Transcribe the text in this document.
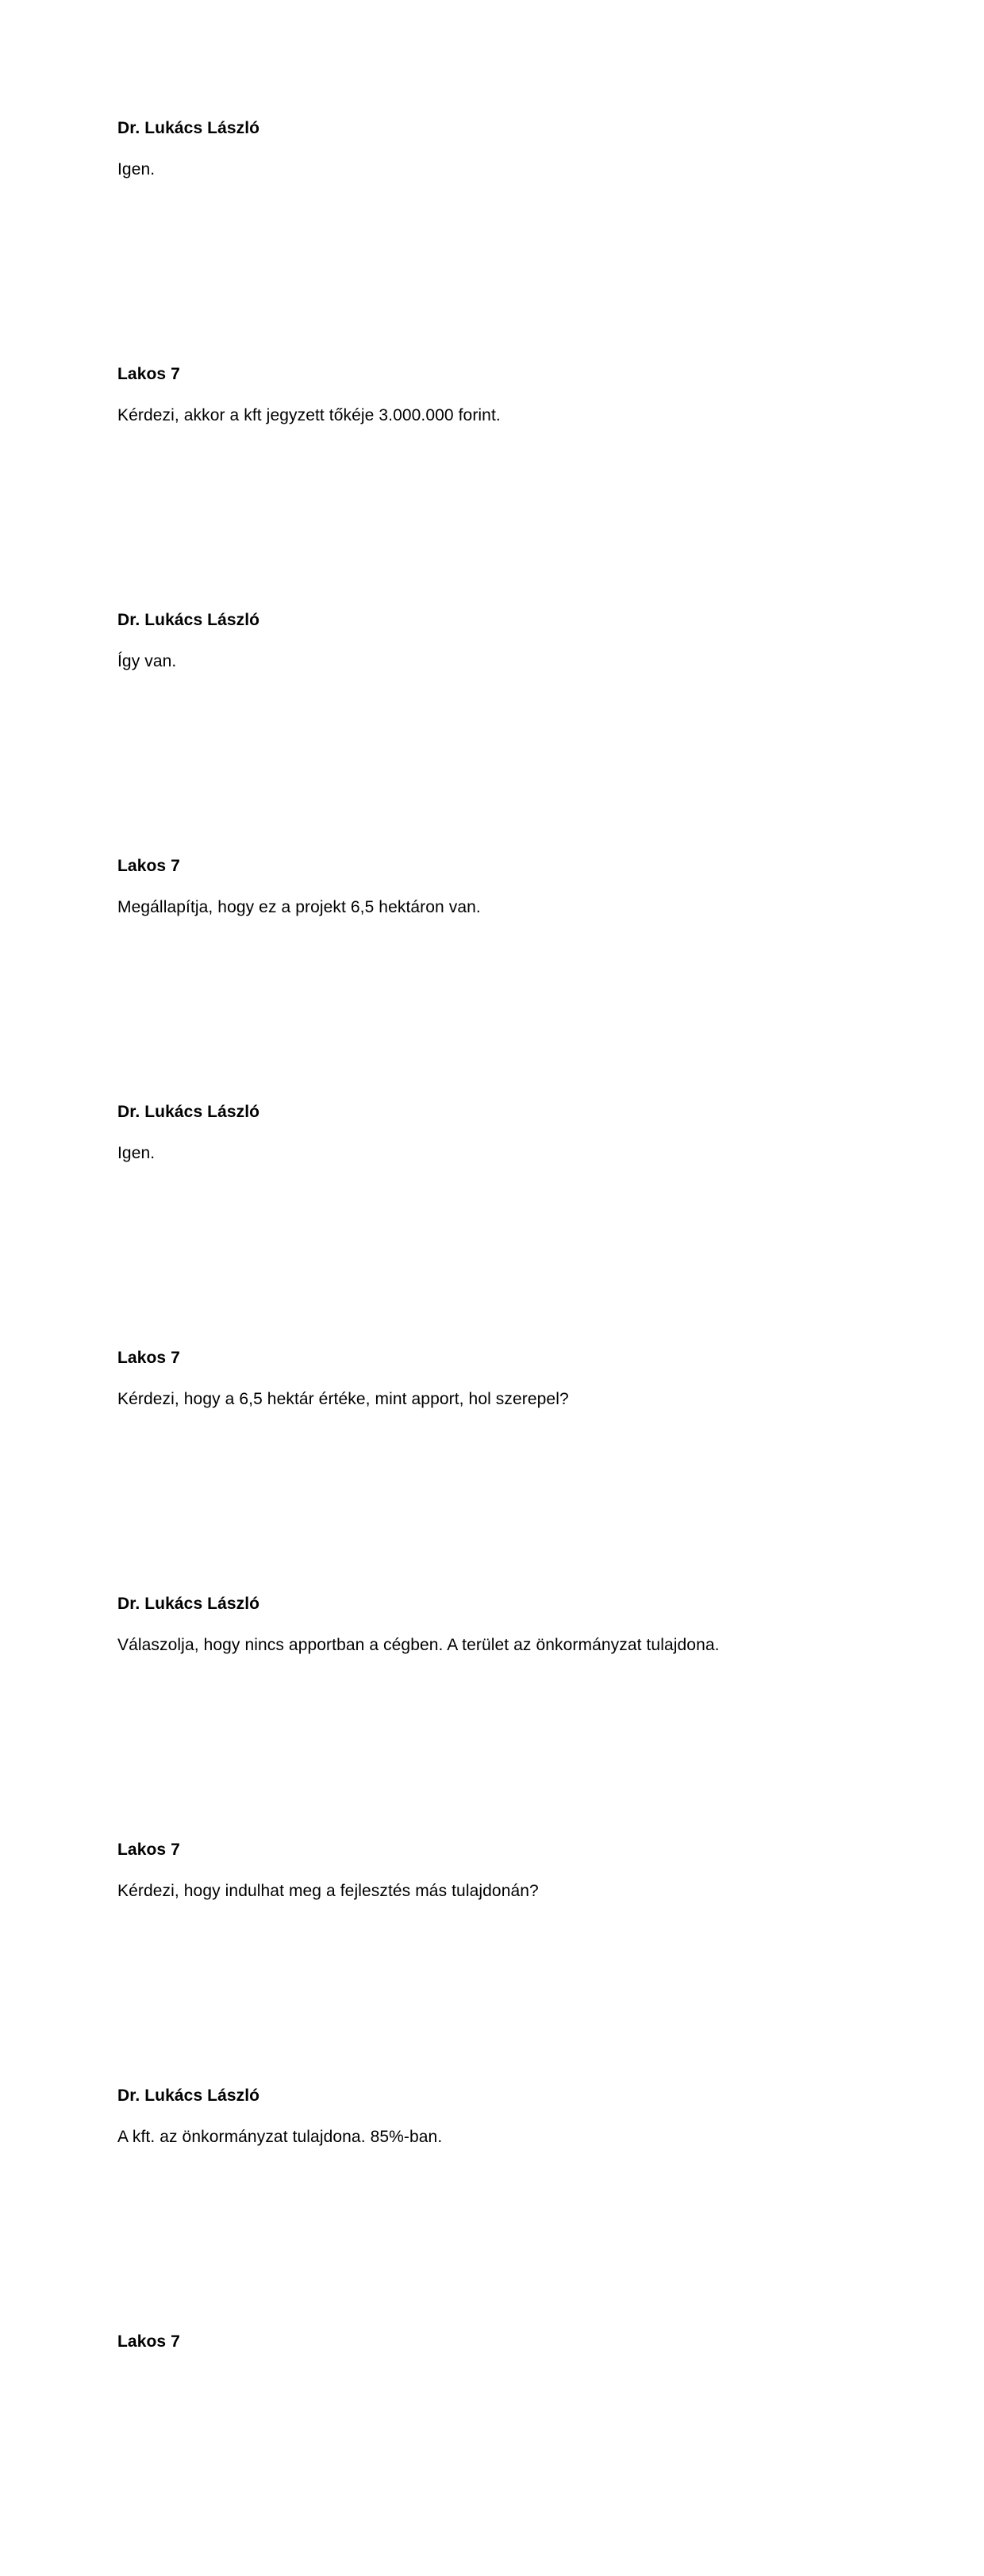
Dr. Lukács László

Igen.

Lakos 7

Kérdezi, akkor a kft jegyzett tőkéje 3.000.000 forint.

Dr. Lukács László

Így van.

Lakos 7

Megállapítja, hogy ez a projekt 6,5 hektáron van.

Dr. Lukács László

Igen.

Lakos 7

Kérdezi, hogy a 6,5 hektár értéke, mint apport, hol szerepel?

Dr. Lukács László

Válaszolja, hogy nincs apportban a cégben. A terület az önkormányzat tulajdona.

Lakos 7

Kérdezi, hogy indulhat meg a fejlesztés más tulajdonán?

Dr. Lukács László

A kft. az önkormányzat tulajdona. 85%-ban.

Lakos 7
